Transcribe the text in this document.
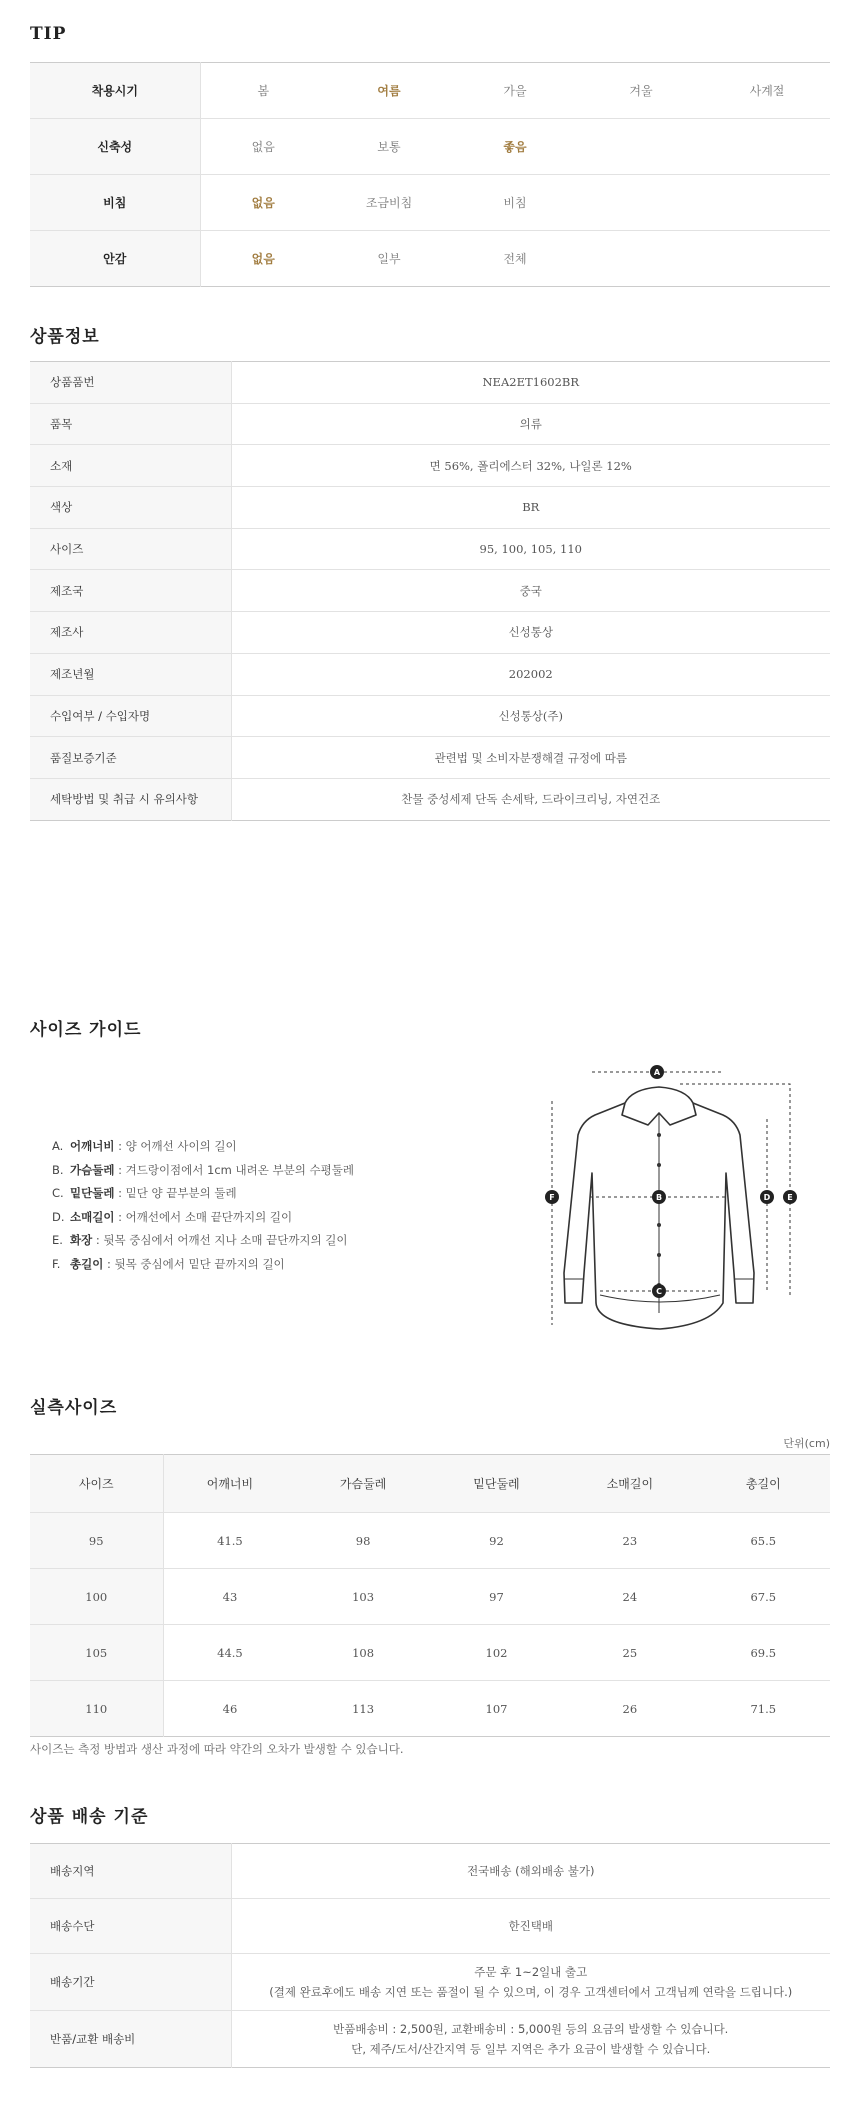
TIP
착용시기	봄	여름	가을	겨울	사계절
신축성	없음	보통	좋음		
비침	없음	조금비침	비침		
안감	없음	일부	전체		
상품정보
상품품번	NEA2ET1602BR
품목	의류
소재	면 56%, 폴리에스터 32%, 나일론 12%
색상	BR
사이즈	95, 100, 105, 110
제조국	중국
제조사	신성통상
제조년월	202002
수입여부 / 수입자명	신성통상(주)
품질보증기준	관련법 및 소비자분쟁해결 규정에 따름
세탁방법 및 취급 시 유의사항	찬물 중성세제 단독 손세탁, 드라이크리닝, 자연건조
사이즈 가이드
A. 어깨너비 : 양 어깨선 사이의 길이
B. 가슴둘레 : 겨드랑이점에서 1cm 내려온 부분의 수평둘레
C. 밑단둘레 : 밑단 양 끝부분의 둘레
D. 소매길이 : 어깨선에서 소매 끝단까지의 길이
E. 화장 : 뒷목 중심에서 어깨선 지나 소매 끝단까지의 길이
F. 총길이 : 뒷목 중심에서 밑단 끝까지의 길이
A
B
C
D E
F
실측사이즈
단위(cm)
사이즈	어깨너비	가슴둘레	밑단둘레	소매길이	총길이
95	41.5	98	92	23	65.5
100	43	103	97	24	67.5
105	44.5	108	102	25	69.5
110	46	113	107	26	71.5
사이즈는 측정 방법과 생산 과정에 따라 약간의 오차가 발생할 수 있습니다.
상품 배송 기준
배송지역	전국배송 (해외배송 불가)

배송수단	한진택배

배송기간	주문 후 1~2일내 출고
(결제 완료후에도 배송 지연 또는 품절이 될 수 있으며, 이 경우 고객센터에서 고객님께 연락을 드립니다.)

반품/교환 배송비	반품배송비 : 2,500원, 교환배송비 : 5,000원 등의 요금의 발생할 수 있습니다.
단, 제주/도서/산간지역 등 일부 지역은 추가 요금이 발생할 수 있습니다.
